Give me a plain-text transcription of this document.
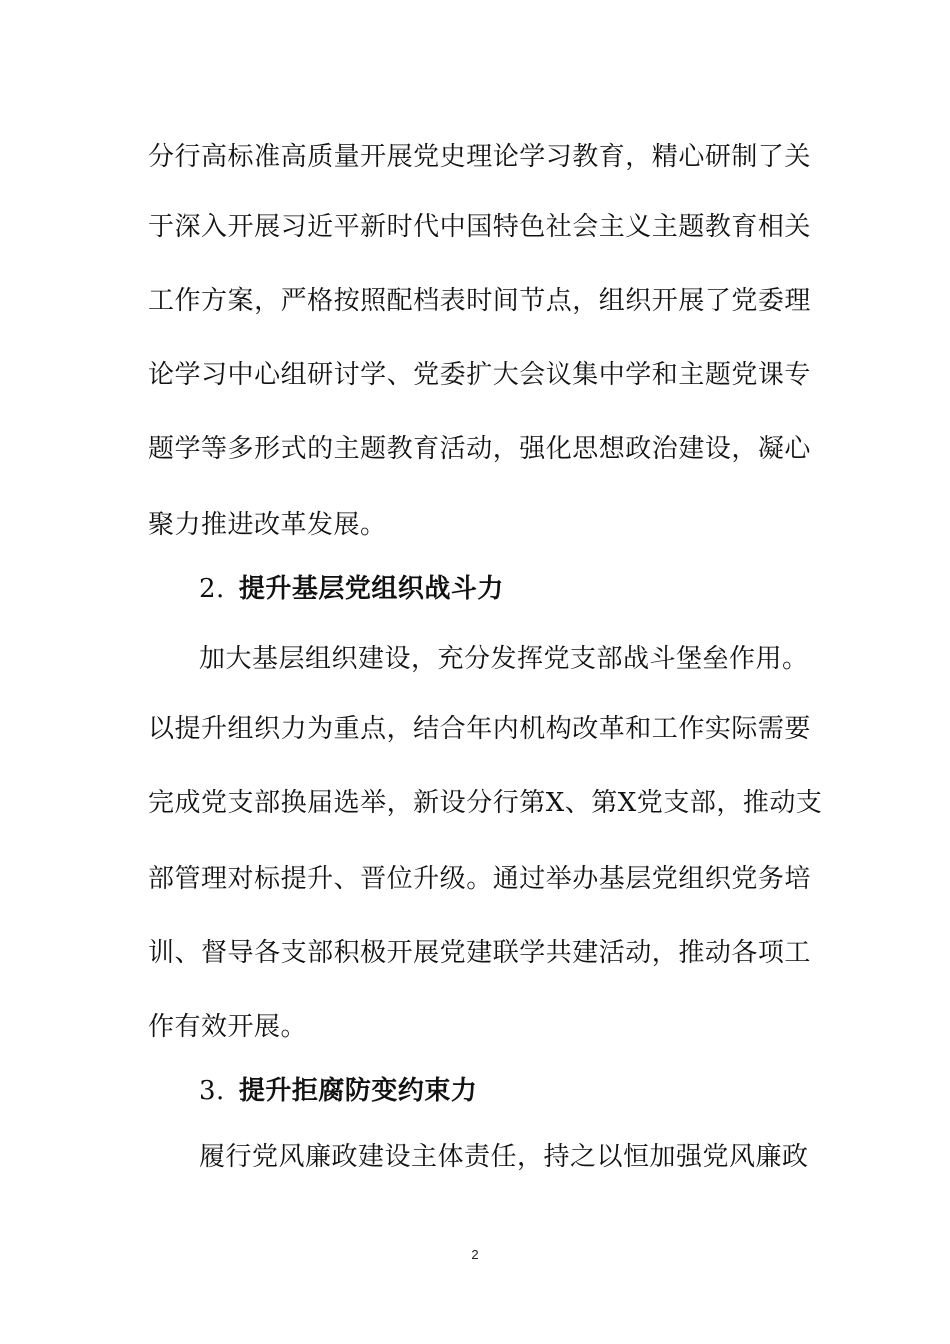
分 行 高 标 准 高 质 量 开 展 党 史 理 论 学 习 教 育 ， 精 心 研 制 了 关
于 深 入 开 展 习 近 平 新 时 代 中 国 特 色 社 会 主 义 主 题 教 育 相 关
工 作 方 案 ， 严 格 按 照 配 档 表 时 间 节 点 ， 组 织 开 展 了 党 委 理
论 学 习 中 心 组 研 讨 学 、 党 委 扩 大 会 议 集 中 学 和 主 题 党 课 专
题 学 等 多 形 式 的 主 题 教 育 活 动 ， 强 化 思 想 政 治 建 设 ， 凝 心
聚力推进改革发展。
2. 提升基层党组织战斗力
加大基层组织建设，充分发挥党支部战斗堡垒作用。
以 提 升 组 织 力 为 重 点 ， 结 合 年 内 机 构 改 革 和 工 作 实 际 需 要
完 成 党 支 部 换 届 选 举 ， 新 设 分 行 第 X 、 第 X 党 支 部 ， 推 动 支
部 管 理 对 标 提 升 、 晋 位 升 级 。 通 过 举 办 基 层 党 组 织 党 务 培
训 、 督 导 各 支 部 积 极 开 展 党 建 联 学 共 建 活 动 ， 推 动 各 项 工
作有效开展。
3. 提升拒腐防变约束力
履行党风廉政建设主体责任，持之以恒加强党风廉政
2
